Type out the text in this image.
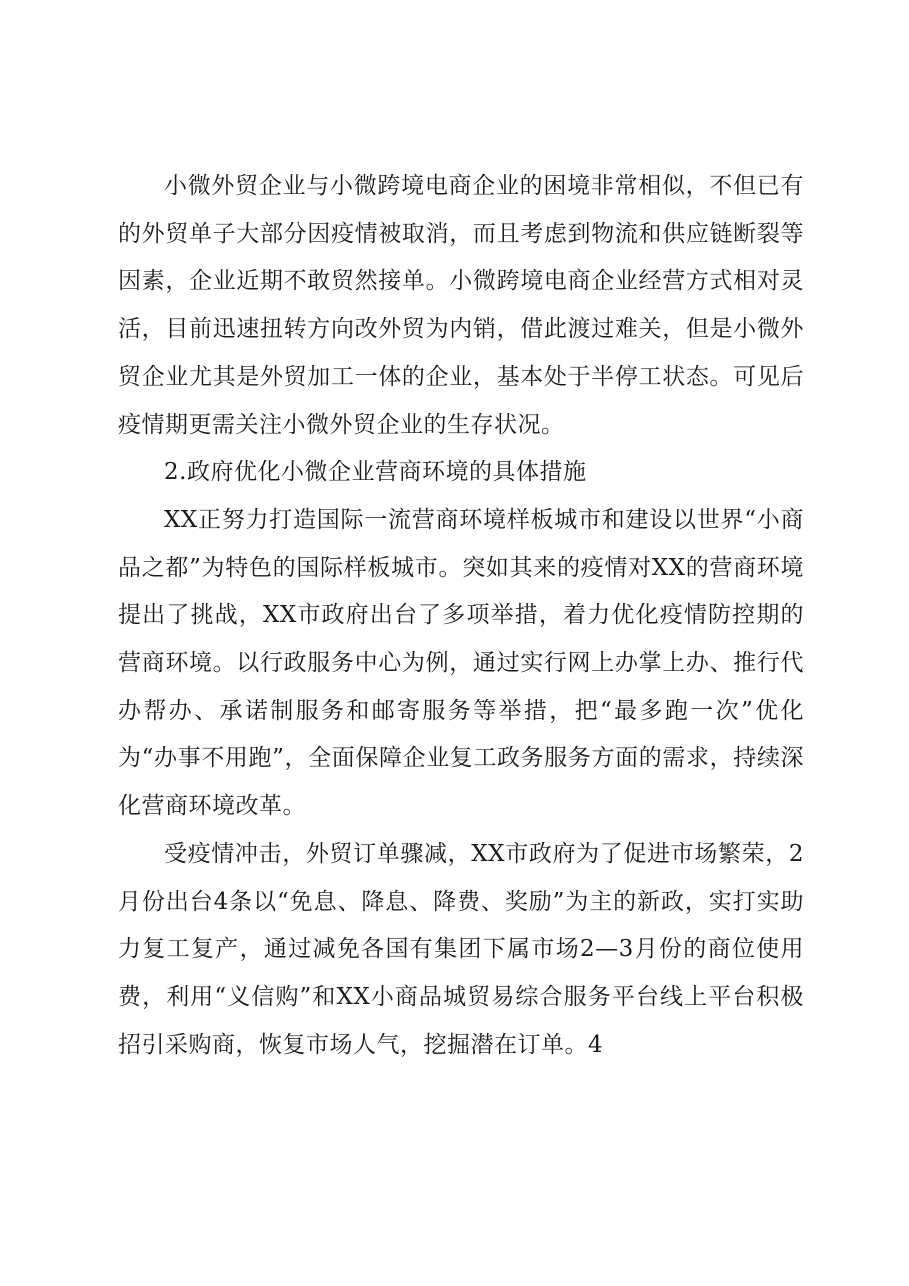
小微外贸企业与小微跨境电商企业的困境非常相似，不但已有的外贸单子大部分因疫情被取消，而且考虑到物流和供应链断裂等因素，企业近期不敢贸然接单。小微跨境电商企业经营方式相对灵活，目前迅速扭转方向改外贸为内销，借此渡过难关，但是小微外贸企业尤其是外贸加工一体的企业，基本处于半停工状态。可见后疫情期更需关注小微外贸企业的生存状况。

2.政府优化小微企业营商环境的具体措施

XX正努力打造国际一流营商环境样板城市和建设以世界“小商品之都”为特色的国际样板城市。突如其来的疫情对XX的营商环境提出了挑战，XX市政府出台了多项举措，着力优化疫情防控期的营商环境。以行政服务中心为例，通过实行网上办掌上办、推行代办帮办、承诺制服务和邮寄服务等举措，把“最多跑一次”优化为“办事不用跑”，全面保障企业复工政务服务方面的需求，持续深化营商环境改革。

受疫情冲击，外贸订单骤减，XX市政府为了促进市场繁荣，2月份出台4条以“免息、降息、降费、奖励”为主的新政，实打实助力复工复产，通过减免各国有集团下属市场2—3月份的商位使用费，利用“义信购”和XX小商品城贸易综合服务平台线上平台积极招引采购商，恢复市场人气，挖掘潜在订单。4
